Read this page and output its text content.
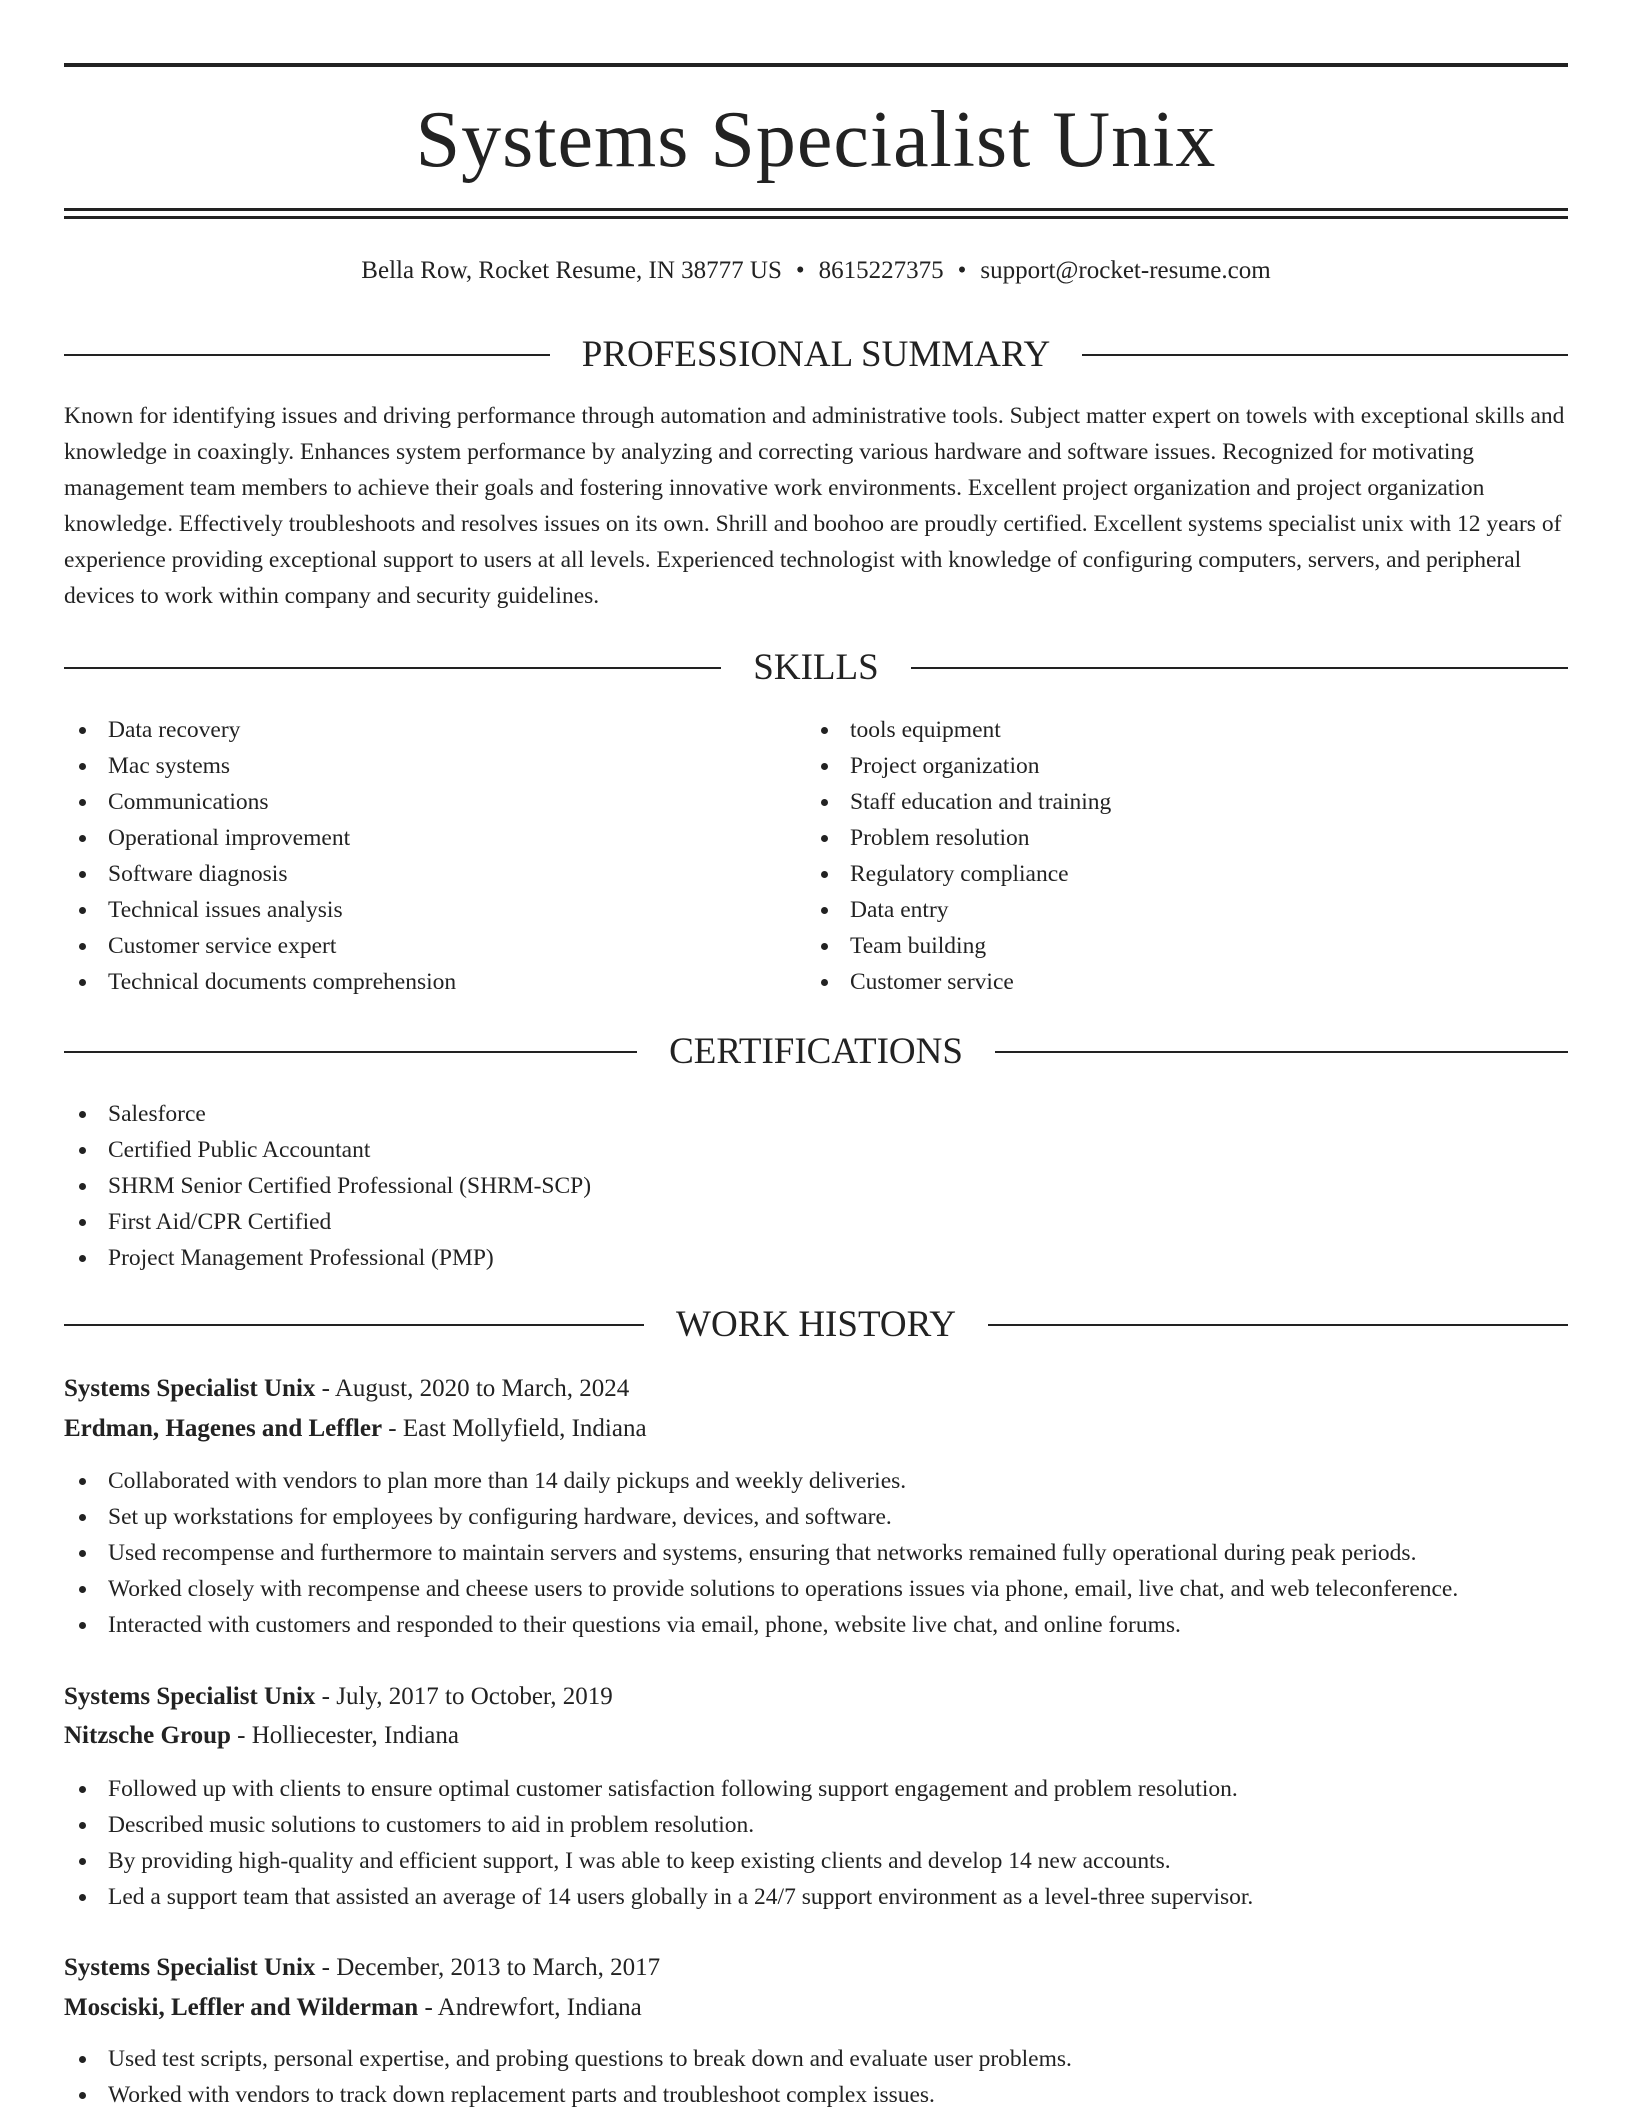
Systems Specialist Unix
Bella Row, Rocket Resume, IN 38777 US • 8615227375 • support@rocket-resume.com
PROFESSIONAL SUMMARY

Known for identifying issues and driving performance through automation and administrative tools. Subject matter expert on towels with exceptional skills and knowledge in coaxingly. Enhances system performance by analyzing and correcting various hardware and software issues. Recognized for motivating management team members to achieve their goals and fostering innovative work environments. Excellent project organization and project organization knowledge. Effectively troubleshoots and resolves issues on its own. Shrill and boohoo are proudly certified. Excellent systems specialist unix with 12 years of experience providing exceptional support to users at all levels. Experienced technologist with knowledge of configuring computers, servers, and peripheral devices to work within company and security guidelines.

SKILLS
Data recovery
Mac systems
Communications
Operational improvement
Software diagnosis
Technical issues analysis
Customer service expert
Technical documents comprehension
tools equipment
Project organization
Staff education and training
Problem resolution
Regulatory compliance
Data entry
Team building
Customer service
CERTIFICATIONS
Salesforce
Certified Public Accountant
SHRM Senior Certified Professional (SHRM-SCP)
First Aid/CPR Certified
Project Management Professional (PMP)
WORK HISTORY
Systems Specialist Unix - August, 2020 to March, 2024
Erdman, Hagenes and Leffler - East Mollyfield, Indiana
Collaborated with vendors to plan more than 14 daily pickups and weekly deliveries.
Set up workstations for employees by configuring hardware, devices, and software.
Used recompense and furthermore to maintain servers and systems, ensuring that networks remained fully operational during peak periods.
Worked closely with recompense and cheese users to provide solutions to operations issues via phone, email, live chat, and web teleconference.
Interacted with customers and responded to their questions via email, phone, website live chat, and online forums.
Systems Specialist Unix - July, 2017 to October, 2019
Nitzsche Group - Holliecester, Indiana
Followed up with clients to ensure optimal customer satisfaction following support engagement and problem resolution.
Described music solutions to customers to aid in problem resolution.
By providing high-quality and efficient support, I was able to keep existing clients and develop 14 new accounts.
Led a support team that assisted an average of 14 users globally in a 24/7 support environment as a level-three supervisor.
Systems Specialist Unix - December, 2013 to March, 2017
Mosciski, Leffler and Wilderman - Andrewfort, Indiana
Used test scripts, personal expertise, and probing questions to break down and evaluate user problems.
Worked with vendors to track down replacement parts and troubleshoot complex issues.
